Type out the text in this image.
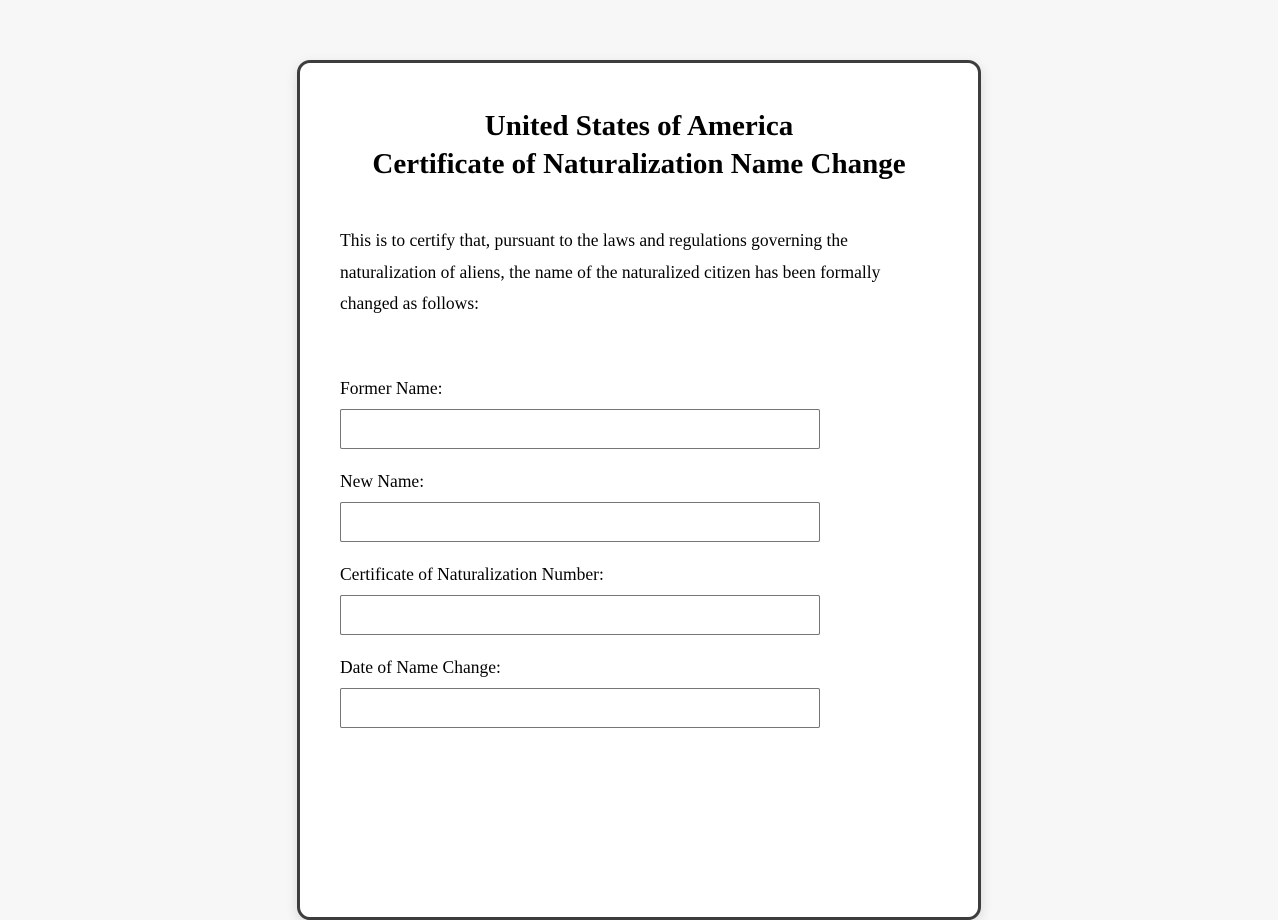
United States of America
Certificate of Naturalization Name Change

This is to certify that, pursuant to the laws and regulations governing the naturalization of aliens, the name of the naturalized citizen has been formally changed as follows:

Former Name:
New Name:
Certificate of Naturalization Number:
Date of Name Change:
